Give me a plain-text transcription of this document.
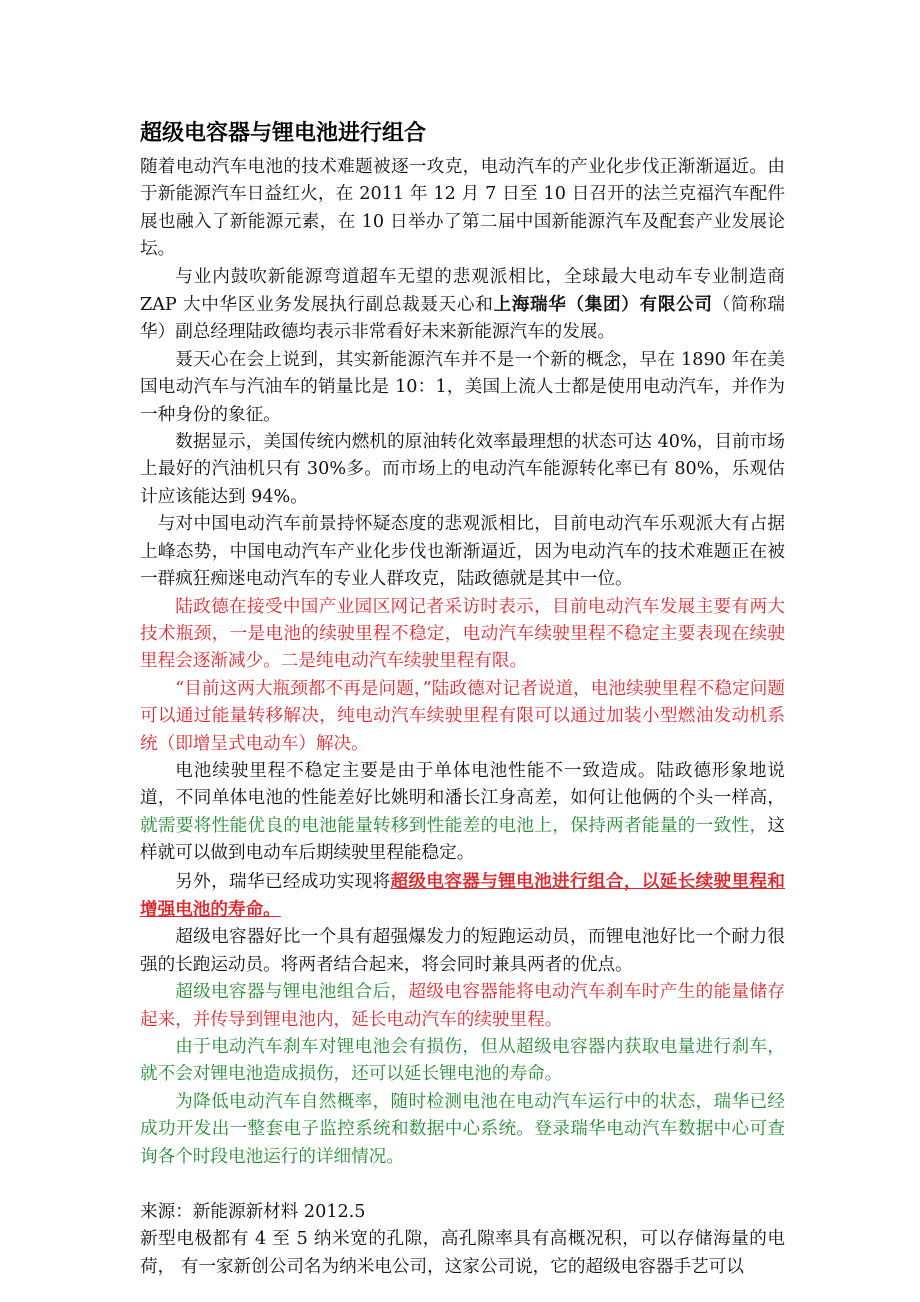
超级电容器与锂电池进行组合

随着电动汽车电池的技术难题被逐一攻克，电动汽车的产业化步伐正渐渐逼近。由于新能源汽车日益红火，在 2011 年 12 月 7 日至 10 日召开的法兰克福汽车配件展也融入了新能源元素，在 10 日举办了第二届中国新能源汽车及配套产业发展论坛。

与业内鼓吹新能源弯道超车无望的悲观派相比，全球最大电动车专业制造商 ZAP 大中华区业务发展执行副总裁聂天心和上海瑞华（集团）有限公司（简称瑞华）副总经理陆政德均表示非常看好未来新能源汽车的发展。

聂天心在会上说到，其实新能源汽车并不是一个新的概念，早在 1890 年在美国电动汽车与汽油车的销量比是 10：1，美国上流人士都是使用电动汽车，并作为一种身份的象征。

数据显示，美国传统内燃机的原油转化效率最理想的状态可达 40%，目前市场上最好的汽油机只有 30%多。而市场上的电动汽车能源转化率已有 80%，乐观估计应该能达到 94%。

与对中国电动汽车前景持怀疑态度的悲观派相比，目前电动汽车乐观派大有占据上峰态势，中国电动汽车产业化步伐也渐渐逼近，因为电动汽车的技术难题正在被一群疯狂痴迷电动汽车的专业人群攻克，陆政德就是其中一位。

陆政德在接受中国产业园区网记者采访时表示，目前电动汽车发展主要有两大技术瓶颈，一是电池的续驶里程不稳定，电动汽车续驶里程不稳定主要表现在续驶里程会逐渐减少。二是纯电动汽车续驶里程有限。

“目前这两大瓶颈都不再是问题，”陆政德对记者说道，电池续驶里程不稳定问题可以通过能量转移解决，纯电动汽车续驶里程有限可以通过加装小型燃油发动机系统（即增呈式电动车）解决。

电池续驶里程不稳定主要是由于单体电池性能不一致造成。陆政德形象地说道，不同单体电池的性能差好比姚明和潘长江身高差，如何让他俩的个头一样高，就需要将性能优良的电池能量转移到性能差的电池上，保持两者能量的一致性，这样就可以做到电动车后期续驶里程能稳定。

另外，瑞华已经成功实现将超级电容器与锂电池进行组合，以延长续驶里程和增强电池的寿命。

超级电容器好比一个具有超强爆发力的短跑运动员，而锂电池好比一个耐力很强的长跑运动员。将两者结合起来，将会同时兼具两者的优点。

超级电容器与锂电池组合后，超级电容器能将电动汽车刹车时产生的能量储存起来，并传导到锂电池内，延长电动汽车的续驶里程。

由于电动汽车刹车对锂电池会有损伤，但从超级电容器内获取电量进行刹车，就不会对锂电池造成损伤，还可以延长锂电池的寿命。

为降低电动汽车自然概率，随时检测电池在电动汽车运行中的状态，瑞华已经成功开发出一整套电子监控系统和数据中心系统。登录瑞华电动汽车数据中心可查询各个时段电池运行的详细情况。

来源：新能源新材料 2012.5

新型电极都有 4 至 5 纳米宽的孔隙，高孔隙率具有高概况积，可以存储海量的电荷， 有一家新创公司名为纳米电公司，这家公司说，它的超级电容器手艺可以
